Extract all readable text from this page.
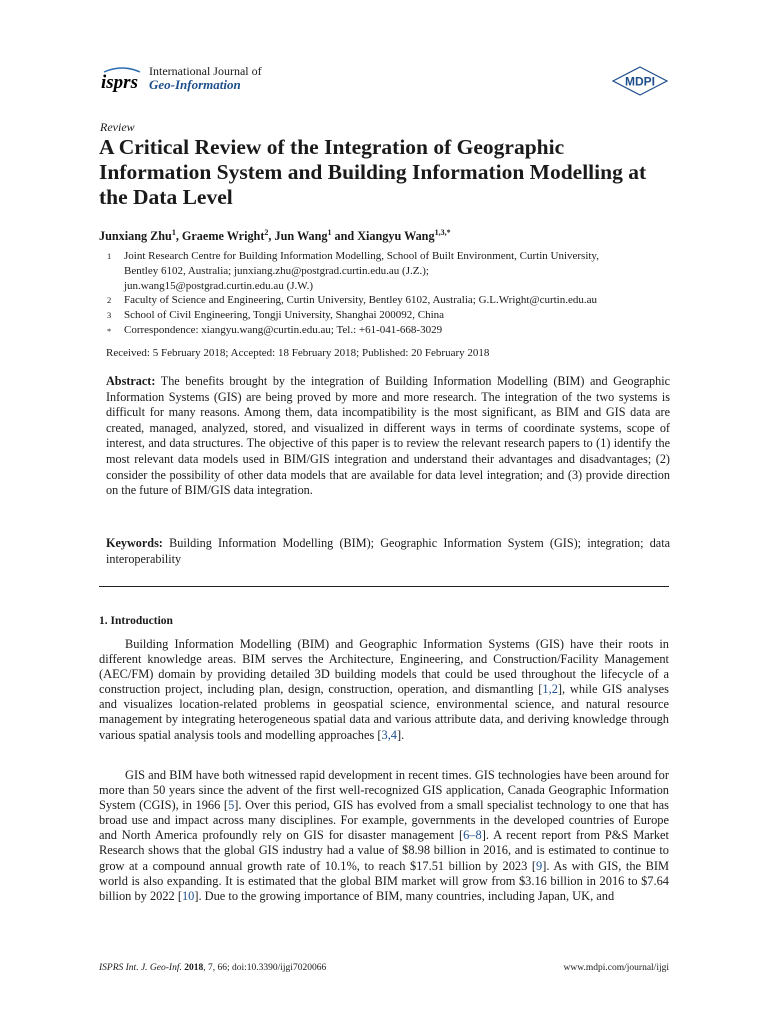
isprs
International Journal of
Geo-Information	MDPI
Review
A Critical Review of the Integration of Geographic Information System and Building Information Modelling at the Data Level
Junxiang Zhu$^1$, Graeme Wright$^2$, Jun Wang$^1$ and Xiangyu Wang$^{1,3,*}$
1 Joint Research Centre for Building Information Modelling, School of Built Environment, Curtin University,
Bentley 6102, Australia; junxiang.zhu@postgrad.curtin.edu.au (J.Z.);
jun.wang15@postgrad.curtin.edu.au (J.W.)
2 Faculty of Science and Engineering, Curtin University, Bentley 6102, Australia; G.L.Wright@curtin.edu.au
3 School of Civil Engineering, Tongji University, Shanghai 200092, China
* Correspondence: xiangyu.wang@curtin.edu.au; Tel.: +61-041-668-3029
Received: 5 February 2018; Accepted: 18 February 2018; Published: 20 February 2018
Abstract: The benefits brought by the integration of Building Information Modelling (BIM) and Geographic Information Systems (GIS) are being proved by more and more research. The integration of the two systems is difficult for many reasons. Among them, data incompatibility is the most significant, as BIM and GIS data are created, managed, analyzed, stored, and visualized in different ways in terms of coordinate systems, scope of interest, and data structures. The objective of this paper is to review the relevant research papers to (1) identify the most relevant data models used in BIM/GIS integration and understand their advantages and disadvantages; (2) consider the possibility of other data models that are available for data level integration; and (3) provide direction on the future of BIM/GIS data integration.
Keywords: Building Information Modelling (BIM); Geographic Information System (GIS); integration; data interoperability
1. Introduction
Building Information Modelling (BIM) and Geographic Information Systems (GIS) have their roots in different knowledge areas. BIM serves the Architecture, Engineering, and Construction/Facility Management (AEC/FM) domain by providing detailed 3D building models that could be used throughout the lifecycle of a construction project, including plan, design, construction, operation, and dismantling [1,2], while GIS analyses and visualizes location-related problems in geospatial science, environmental science, and natural resource management by integrating heterogeneous spatial data and various attribute data, and deriving knowledge through various spatial analysis tools and modelling approaches [3,4].
GIS and BIM have both witnessed rapid development in recent times. GIS technologies have been around for more than 50 years since the advent of the first well-recognized GIS application, Canada Geographic Information System (CGIS), in 1966 [5]. Over this period, GIS has evolved from a small specialist technology to one that has broad use and impact across many disciplines. For example, governments in the developed countries of Europe and North America profoundly rely on GIS for disaster management [6–8]. A recent report from P&S Market Research shows that the global GIS industry had a value of $8.98 billion in 2016, and is estimated to continue to grow at a compound annual growth rate of 10.1%, to reach $17.51 billion by 2023 [9]. As with GIS, the BIM world is also expanding. It is estimated that the global BIM market will grow from $3.16 billion in 2016 to $7.64 billion by 2022 [10]. Due to the growing importance of BIM, many countries, including Japan, UK, and
ISPRS Int. J. Geo-Inf. 2018, 7, 66; doi:10.3390/ijgi7020066	www.mdpi.com/journal/ijgi
